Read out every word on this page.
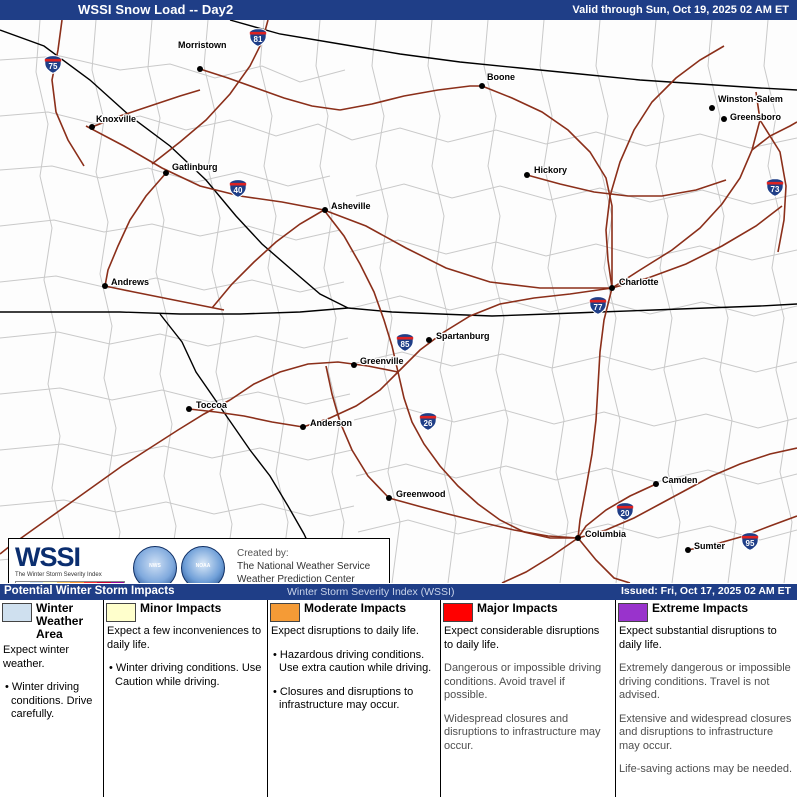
WSSI Snow Load -- Day2	Valid through Sun, Oct 19, 2025 02 AM ET
Morristown
Boone
Winston-Salem
Greensboro
Knoxville
Gatlinburg	Hickory
Asheville
Andrews	Charlotte
Spartanburg
Greenville
Toccoa
Anderson
Greenwood
Camden
Columbia
Sumter
75
81
40	73
77
85
26
20
95
WSSI
The Winter Storm Severity Index
NWS	NOAA
Created by:
The National Weather Service
Weather Prediction Center
Potential Winter Storm Impacts	Winter Storm Severity Index (WSSI)	Issued: Fri, Oct 17, 2025 02 AM ET
Winter Weather Area

Expect winter weather.

• Winter driving conditions. Drive carefully.

Minor Impacts

Expect a few inconveniences to daily life.

• Winter driving conditions. Use Caution while driving.

Moderate Impacts

Expect disruptions to daily life.

• Hazardous driving conditions. Use extra caution while driving.

• Closures and disruptions to infrastructure may occur.

Major Impacts

Expect considerable disruptions to daily life.

Dangerous or impossible driving conditions. Avoid travel if possible.

Widespread closures and disruptions to infrastructure may occur.

Extreme Impacts

Expect substantial disruptions to daily life.

Extremely dangerous or impossible driving conditions. Travel is not advised.

Extensive and widespread closures and disruptions to infrastructure may occur.

Life-saving actions may be needed.
